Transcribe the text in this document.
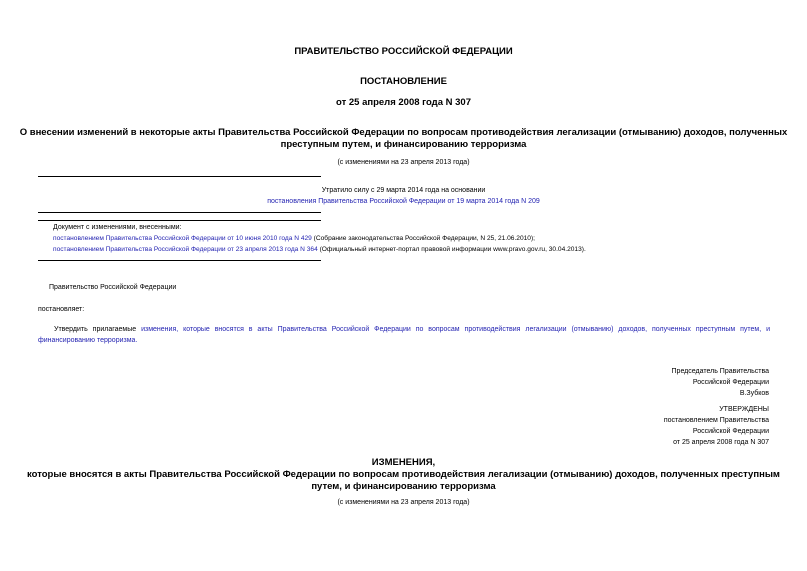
ПРАВИТЕЛЬСТВО РОССИЙСКОЙ ФЕДЕРАЦИИ
ПОСТАНОВЛЕНИЕ
от 25 апреля 2008 года N 307
О внесении изменений в некоторые акты Правительства Российской Федерации по вопросам противодействия легализации (отмыванию) доходов, полученных
преступным путем, и финансированию терроризма
(с изменениями на 23 апреля 2013 года)
Утратило силу с 29 марта 2014 года на основании
постановления Правительства Российской Федерации от 19 марта 2014 года N 209
Документ с изменениями, внесенными:
постановлением Правительства Российской Федерации от 10 июня 2010 года N 429 (Собрание законодательства Российской Федерации, N 25, 21.06.2010);
постановлением Правительства Российской Федерации от 23 апреля 2013 года N 364 (Официальный интернет-портал правовой информации www.pravo.gov.ru, 30.04.2013).
Правительство Российской Федерации
постановляет:
Утвердить прилагаемые изменения, которые вносятся в акты Правительства Российской Федерации по вопросам противодействия легализации (отмыванию) доходов, полученных преступным путем, и финансированию терроризма.
Председатель Правительства
Российской Федерации
В.Зубков
УТВЕРЖДЕНЫ
постановлением Правительства
Российской Федерации
от 25 апреля 2008 года N 307
ИЗМЕНЕНИЯ,
которые вносятся в акты Правительства Российской Федерации по вопросам противодействия легализации (отмыванию) доходов, полученных преступным
путем, и финансированию терроризма
(с изменениями на 23 апреля 2013 года)
